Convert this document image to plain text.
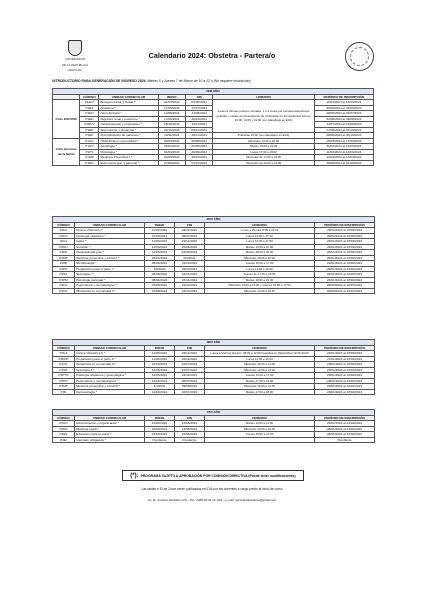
UNIVERSIDAD
DE LA REPÚBLICA
URUGUAY
Calendario 2024: Obstetra - Partera/o
INTRODUCTORIO PARA GENERACIÓN DE INGRESO 2024: Martes 5 y Jueves 7 de Marzo de 10 a 12 h (No requiere inscripción)
1ER AÑO						
	CÓDIGO	UNIDAD CURRICULAR	INICIO	FIN	HORARIO	PERÍODO DE INSCRIPCIÓN
Ciclo ESFUNO	P1EC*	Biología celular y tisular *	01/04/2024	01/06/2024	Lunes a Viernes teóricos virtuales, 1 o 2 veces por semana discusiones grupales y clases de presentación de contenidos en los siguientes turnos: 10:00, 14:00 y 19:00 (ver calendario en EVA)	11/03/2024 al 13/03/2024
	P1EA	Anatomía *	17/06/2024	27/07/2024		30/04/2024 al 03/05/2024
	P1EN	Neurobiología *	12/08/2024	31/08/2024		28/06/2024 al 04/07/2024
	P1ED	Digestivo renal y endocrino *	17/09/2024	20/10/2024		02/08/2024 al 09/08/2024
	P1ECV	Cardiovascular y respiratorio *	28/10/2024	23/11/2024		14/07/2024 al 19/08/2024
	P1RP	Reproductor y desarrollo *	22/10/2024	09/11/2024		27/08/2024 al 07/10/2024
	P1EP	Profundización de partera/o *	14/11/2024	29/11/2024	Prácticas 15:00 (ver calendario en EVA)	28/08/2024 al 30/10/2024
Ciclo Ciencias de la Salud	P1OC	Obstetricia en comunidad I *	03/04/2024	05/09/2024	Miércoles 14:00 a 18:00	15/03/2024 al 17/03/2024
	P1SO	Sociología *	02/04/2024	06/05/2024	Martes 19:00 a 21:00	11/03/2024 al 13/03/2024
	P1PS	Psicología *	01/04/2024	30/09/2024	Lunes 17:00 a 19:00	11/03/2024 al 13/03/2024
	P1MP	Medicina Preventiva I *	04/09/2024	30/10/2024	Miércoles de 17:00 a 19:00	12/03/2024 al 13/03/2024
	P1EG	Enfermería gral. y parental *	07/08/2024	07/11/2024	Miércoles de 12:00 a 14:00	28/08/2024 al 01/09/2024
2DO AÑO					
CÓDIGO	UNIDAD CURRICULAR	INICIO	FIN	HORARIO	PERÍODO DE INSCRIPCIÓN
P2CL	Clínica obstétrica I *	11/03/2024	22/11/2024	Lunes a Viernes 8:00 a 12:00	29/01/2024 al 23/02/2024
P2FO	Fisiología obstétrica *	11/03/2024	09/07/2024	Lunes 13:00 a 17:00	29/01/2024 al 23/02/2024
ING1	Inglés *	11/03/2024	22/11/2024	Lunes 15:30 a 17:00	29/01/2024 al 23/02/2024
P2NU	Nutrición *	12/03/2024	25/06/2024	Martes 13:00 a 15:00	29/01/2024 al 23/02/2024
P2FP	Fisiopatología gral. *	14/05/2024	23/09/2024	Martes 18:00 a 20:00	28/01/2024 al 23/02/2024
P2MP	Medicina preventiva y social II *	15/04/2024	0/0/2024	Miércoles 18:00 a 20:00	29/01/2024 al 23/02/2024
P2MI	Microbiología *	05/04/2024	22/11/2024	Jueves 15:00 a 17:00	19/01/2024 al 23/02/2024
P2PP	Preparación para el parto I *	1/8/2024	22/11/2024	Lunes 14:00 a 16:00	29/01/2024 al 23/02/2024
P2SX	Sexología I *	05/08/2024	26/11/2024	Jueves de 17:00 a 19:00	29/01/2024 al 23/02/2024
P2PM	Psicología perinatal *	08/04/2024	26/11/2024	Martes 19:00 a 21:00	29/01/2024 al 23/02/2024
P2FG	Puericultura y neonatología I *	07/08/2024	22/11/2024	Miércoles 13:00 a 14:00 y Viernes 15:00 a 17:00	29/06/2024 al 23/07/2024
P2OC	Obstetricia en comunidad II *	07/08/2024	22/11/2024	Miércoles 14:00 a 16:15	29/06/2024 al 23/07/2024
3ER AÑO					
CÓDIGO	UNIDAD CURRICULAR	INICIO	FIN	HORARIO	PERÍODO DE INSCRIPCIÓN
P3C2	Clínica Obstétrica II *	11/03/2024	29/11/2024	Lunes a Viernes Horario: 08:00 a 12:00 Guardias en Maternidad 12:00-20:00	29/01/2024 al 23/02/2024
P3PPP	Preparación para el parto II *	11/03/2024	22/11/2024	Lunes 14:00 a 16:00	27/01/2024 al 23/02/2024
P3OC	Obstetricia en comunidad III *	13/03/2024	01/07/2024	Miércoles 12:00 a 14:00	29/01/2024 al 23/02/2024
P3SX	Sexología II *	12/03/2024	01/07/2024	Miércoles 12:00 a 14:00	29/01/2024 al 23/02/2024
P3PTG	Patología obstétrica y ginecológica *	14/03/2024	22/11/2024	Jueves 13:00 a 17:00	29/01/2024 al 23/02/2024
P3PN	Puericultura y neonatología II *	12/03/2024	08/07/2024	Martes 17:00 a 19:00	29/01/2024 al 23/02/2024
P3MP	Medicina preventiva y social III *	3/4/2024	09/09/2024	Miércoles 12:00 a 14:00	29/01/2024 al 23/02/2024
P3F	Farmacología *	11/03/2024	10/07/2024	Martes 17:00 a 18:00	29/01/2024 al 23/02/2024
4TO AÑO					
CÓDIGO	UNIDAD CURRICULAR	INICIO	FIN	HORARIO	PERÍODO DE INSCRIPCIÓN
P4AO	Administración y organización *	11/03/2024	15/06/2024	Martes 13:00 a 14:00	29/01/2024 al 23/02/2024
P4ML	Medicina Legal *	16/03/2024	14/06/2024	Miércoles 14:00 a 16:00	28/01/2024 al 23/02/2024
P4ES	Educación para la salud *	14/03/2024	16/06/2024	Jueves 19:00 a 21:00	28/01/2024 al 23/02/2024
P4EI	Internado obligatorio *	Pendiente	Pendiente		Pendiente
(*): PROGRAMA SUJETO A APROBACIÓN POR COMISIÓN DIRECTIVA (Puede tener modificaciones)
Las tablas e ID de Zoom serán publicados en EVA por los docentes a cargo previo al inicio de curso
Av. Dr. Américo Ricaldoni 2/8 ~ Tel.: 2486 02 31 int. 204 ~ e-mail: secretariaparteras@gmail.com
